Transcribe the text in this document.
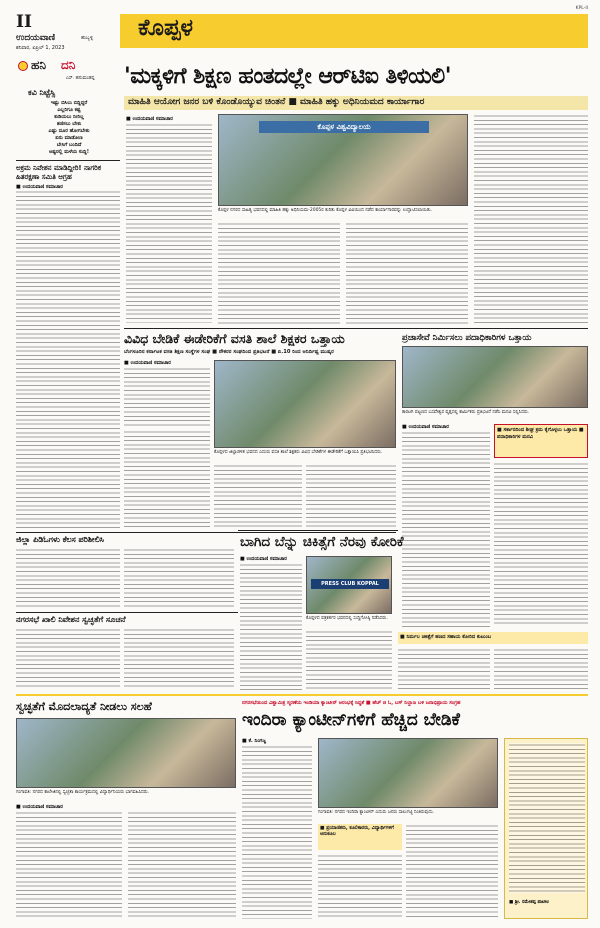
II
ಉದಯವಾಣಿ	ಹುಬ್ಬಳ್ಳಿ
ಶನಿವಾರ, ಏಪ್ರಿಲ್ 1, 2023
ಕೊಪ್ಪಳ
KPL-II
ಹನಿ ದನಿ
ಎಸ್. ಹನುಮಂತಪ್ಪ
ಕವಿ ನಿಟ್ಟೆಸ್ಸಿ
ಇಷ್ಟು ಬಿಸಿಲು ಬಿದ್ದಿದ್ದರೆ
ಎಲ್ಲರಿಗೂ ಕಷ್ಟ
ಕುಡಿಯಲು ನೀರಿಲ್ಲ
ತಣಿಸಲು ಬೇಕು
ಎಷ್ಟು ದೂರ ಹೋಗಬೇಕು
ಏನು ಮಾಡೋಣ
ಬೇಸಿಗೆ ಬಂದಿದೆ
ಅಷ್ಟರಲ್ಲಿ ಮಳೆಯ ಸುದ್ದಿ!
ಅಕ್ರಮ ನಿವೇಶನ ಮಾಡಿದ್ದೀರಿ! ನಾಗರಿಕ ಹಿತರಕ್ಷಣಾ ಸಮಿತಿ ಆಗ್ರಹ
■ ಉದಯವಾಣಿ ಸಮಾಚಾರ
ಜಿಲ್ಲಾ ಪಿಡಿಓಗಳು ಕೆಲಸ ಪರಿಶೀಲಿಸಿ
ನಗರಸಭೆ ಖಾಲಿ ನಿವೇಶನ ಸ್ವಚ್ಛತೆಗೆ ಸೂಚನೆ
'ಮಕ್ಕಳಿಗೆ ಶಿಕ್ಷಣ ಹಂತದಲ್ಲೇ ಆರ್‌ಟಿಐ ತಿಳಿಯಲಿ'
ಮಾಹಿತಿ ಆಯೋಗ ಜನರ ಬಳಿ ಕೊಂಡೊಯ್ಯುವ ಚಿಂತನೆ ■ ಮಾಹಿತಿ ಹಕ್ಕು ಅಧಿನಿಯಮದ ಕಾರ್ಯಾಗಾರ
■ ಉದಯವಾಣಿ ಸಮಾಚಾರ
ಕೊಪ್ಪಳ ವಿಶ್ವವಿದ್ಯಾಲಯ
ಕೊಪ್ಪಳ ನಗರದ ಸಾಹಿತ್ಯ ಭವನದಲ್ಲಿ ಮಾಹಿತಿ ಹಕ್ಕು ಅಧಿನಿಯಮ-2005ರ ಕುರಿತು ಕೊಪ್ಪಳ ವಿವಿಯಿಂದ ನಡೆದ ಕಾರ್ಯಾಗಾರವನ್ನು ಉದ್ಘಾಟಿಸಲಾಯಿತು.
ವಿವಿಧ ಬೇಡಿಕೆ ಈಡೇರಿಕೆಗೆ ವಸತಿ ಶಾಲೆ ಶಿಕ್ಷಕರ ಒತ್ತಾಯ
ಬೆಂಗಳೂರಿನ ಕರ್ನಾಟಕ ವಸತಿ ಶಿಕ್ಷಣ ಸಂಸ್ಥೆಗಳ ಸಂಘ ■ ನೌಕರರ ಸಂಘದಿಂದ ಪ್ರತಿಭಟನೆ ■ ಏ.10 ರಿಂದ ಅನಿರ್ದಿಷ್ಟ ಮುಷ್ಕರ
■ ಉದಯವಾಣಿ ಸಮಾಚಾರ
ಕೊಪ್ಪಳದ ಜಿಲ್ಲಾಡಳಿತ ಭವನದ ಎದುರು ವಸತಿ ಶಾಲೆ ಶಿಕ್ಷಕರು ವಿವಿಧ ಬೇಡಿಕೆಗಳ ಈಡೇರಿಕೆಗೆ ಒತ್ತಾಯಿಸಿ ಪ್ರತಿಭಟಿಸಿದರು.
ಪ್ರಜಾಸೇವೆ ನಿರ್ಮಿಸಲು ಪದಾಧಿಕಾರಿಗಳ ಒತ್ತಾಯ
ಕಾರಟಗಿ ಪಟ್ಟಣದ ಬಸವೇಶ್ವರ ವೃತ್ತದಲ್ಲಿ ಕಾರ್ಮಿಕರು ಪ್ರತಿಭಟನೆ ನಡೆಸಿ ಮನವಿ ಸಲ್ಲಿಸಿದರು.
■ ಉದಯವಾಣಿ ಸಮಾಚಾರ	■ ಸರ್ಕಾರದಿಂದ ಶೀಘ್ರ ಕ್ರಮ ಕೈಗೊಳ್ಳಲು ಒತ್ತಾಯ ■ ಪದಾಧಿಕಾರಿಗಳ ಮನವಿ
ಬಾಗಿದ ಬೆನ್ನು ಚಿಕಿತ್ಸೆಗೆ ನೆರವು ಕೋರಿಕೆ
■ ಉದಯವಾಣಿ ಸಮಾಚಾರ
PRESS CLUB KOPPAL
ಕೊಪ್ಪಳದ ಪತ್ರಕರ್ತರ ಭವನದಲ್ಲಿ ಸುದ್ದಿಗೋಷ್ಠಿ ನಡೆಸಿದರು.
■ ನಿರ್ಮಲ ಚಿಕಿತ್ಸೆಗೆ ಹಣದ ಸಹಾಯ ಕೋರಿದ ಕುಟುಂಬ
ಸ್ವಚ್ಛತೆಗೆ ಮೊದಲಾದ್ಯತೆ ನೀಡಲು ಸಲಹೆ
ಗಂಗಾವತಿ: ನಗರದ ಕಾಲೇಜಿನಲ್ಲಿ ಸ್ವಚ್ಛತಾ ಕಾರ್ಯಕ್ರಮದಲ್ಲಿ ವಿದ್ಯಾರ್ಥಿನಿಯರು ಭಾಗವಹಿಸಿದರು.
■ ಉದಯವಾಣಿ ಸಮಾಚಾರ
ನಗರಸಭೆಯಿಂದ ವಿಶ್ವಾಮಿತ್ರ ಸ್ಮರಣೆಯ ಇಂಡಿಯಾ ಕ್ಯಾಂಟೀನ್ ಆರಂಭಕ್ಕೆ ಸಿದ್ಧತೆ ■ ಹೆಚ್ ಜಿ ಓ, ಬಸ್ ನಿಲ್ದಾಣ ಬಳಿ ಜನಾಭಿಪ್ರಾಯ ಸಂಗ್ರಹ
ಇಂದಿರಾ ಕ್ಯಾಂಟೀನ್‌ಗಳಿಗೆ ಹೆಚ್ಚಿದ ಬೇಡಿಕೆ
■ ಕೆ. ನಿಂಗಜ್ಜ
ಗಂಗಾವತಿ: ನಗರದ ಇಂದಿರಾ ಕ್ಯಾಂಟೀನ್ ಎದುರು ಜನರು ಸಾಲುಗಟ್ಟಿ ನಿಂತಿರುವುದು.
■ ಪ್ರಯಾಣಿಕರು, ಕೂಲಿಕಾರರು, ವಿದ್ಯಾರ್ಥಿಗಳಿಗೆ ಅನುಕೂಲ
■ ಶ್ರೀ. ರಮೇಶಪ್ಪ ಪಾಟೀಲ
